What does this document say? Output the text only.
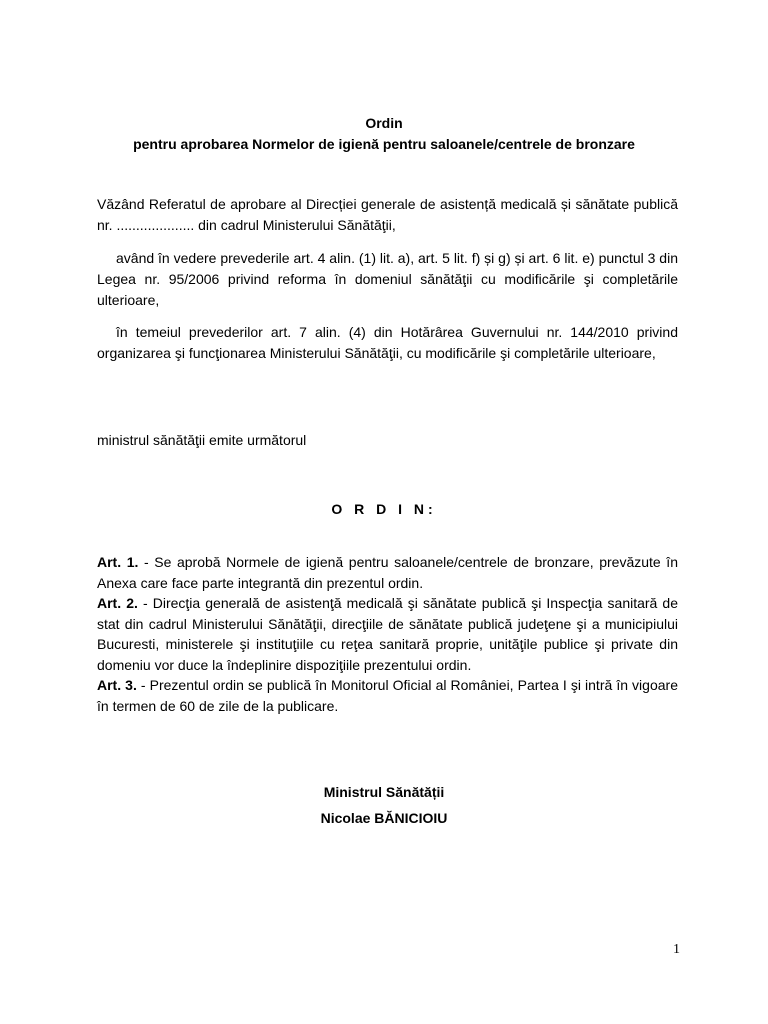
Ordin
pentru aprobarea Normelor de igienă pentru saloanele/centrele de bronzare
Văzând Referatul de aprobare al Direcției generale de asistență medicală și sănătate publică nr. .................... din cadrul Ministerului Sănătăţii,
având în vedere prevederile art. 4 alin. (1) lit. a), art. 5 lit. f) și g) și art. 6 lit. e) punctul 3 din Legea nr. 95/2006 privind reforma în domeniul sănătăţii cu modificările şi completările ulterioare,
în temeiul prevederilor art. 7 alin. (4) din Hotărârea Guvernului nr. 144/2010 privind organizarea şi funcţionarea Ministerului Sănătăţii, cu modificările şi completările ulterioare,
ministrul sănătăţii emite următorul
O R D I N:

Art. 1. - Se aprobă Normele de igienă pentru saloanele/centrele de bronzare, prevăzute în Anexa care face parte integrantă din prezentul ordin.

Art. 2. - Direcţia generală de asistenţă medicală şi sănătate publică şi Inspecţia sanitară de stat din cadrul Ministerului Sănătăţii, direcţiile de sănătate publică judeţene şi a municipiului Bucuresti, ministerele şi instituţiile cu reţea sanitară proprie, unităţile publice şi private din domeniu vor duce la îndeplinire dispoziţiile prezentului ordin.

Art. 3. - Prezentul ordin se publică în Monitorul Oficial al României, Partea I şi intră în vigoare în termen de 60 de zile de la publicare.

Ministrul Sănătății
Nicolae BĂNICIOIU
1
